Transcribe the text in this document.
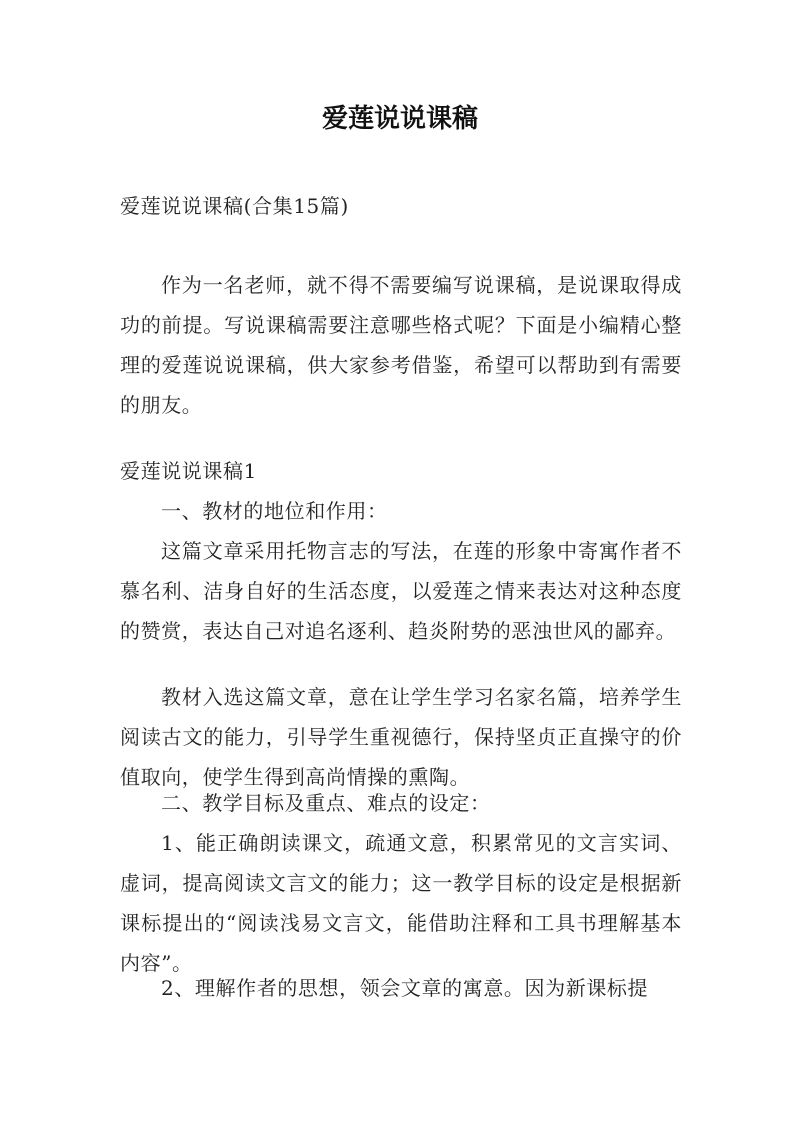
爱莲说说课稿

爱莲说说课稿(合集15篇)

作为一名老师，就不得不需要编写说课稿，是说课取得成功的前提。写说课稿需要注意哪些格式呢？下面是小编精心整理的爱莲说说课稿，供大家参考借鉴，希望可以帮助到有需要的朋友。

爱莲说说课稿1

一、教材的地位和作用：

这篇文章采用托物言志的写法，在莲的形象中寄寓作者不慕名利、洁身自好的生活态度，以爱莲之情来表达对这种态度的赞赏，表达自己对追名逐利、趋炎附势的恶浊世风的鄙弃。

教材入选这篇文章，意在让学生学习名家名篇，培养学生阅读古文的能力，引导学生重视德行，保持坚贞正直操守的价值取向，使学生得到高尚情操的熏陶。

二、教学目标及重点、难点的设定：

1、能正确朗读课文，疏通文意，积累常见的文言实词、虚词，提高阅读文言文的能力；这一教学目标的设定是根据新课标提出的“阅读浅易文言文，能借助注释和工具书理解基本内容”。

2、理解作者的思想，领会文章的寓意。因为新课标提
